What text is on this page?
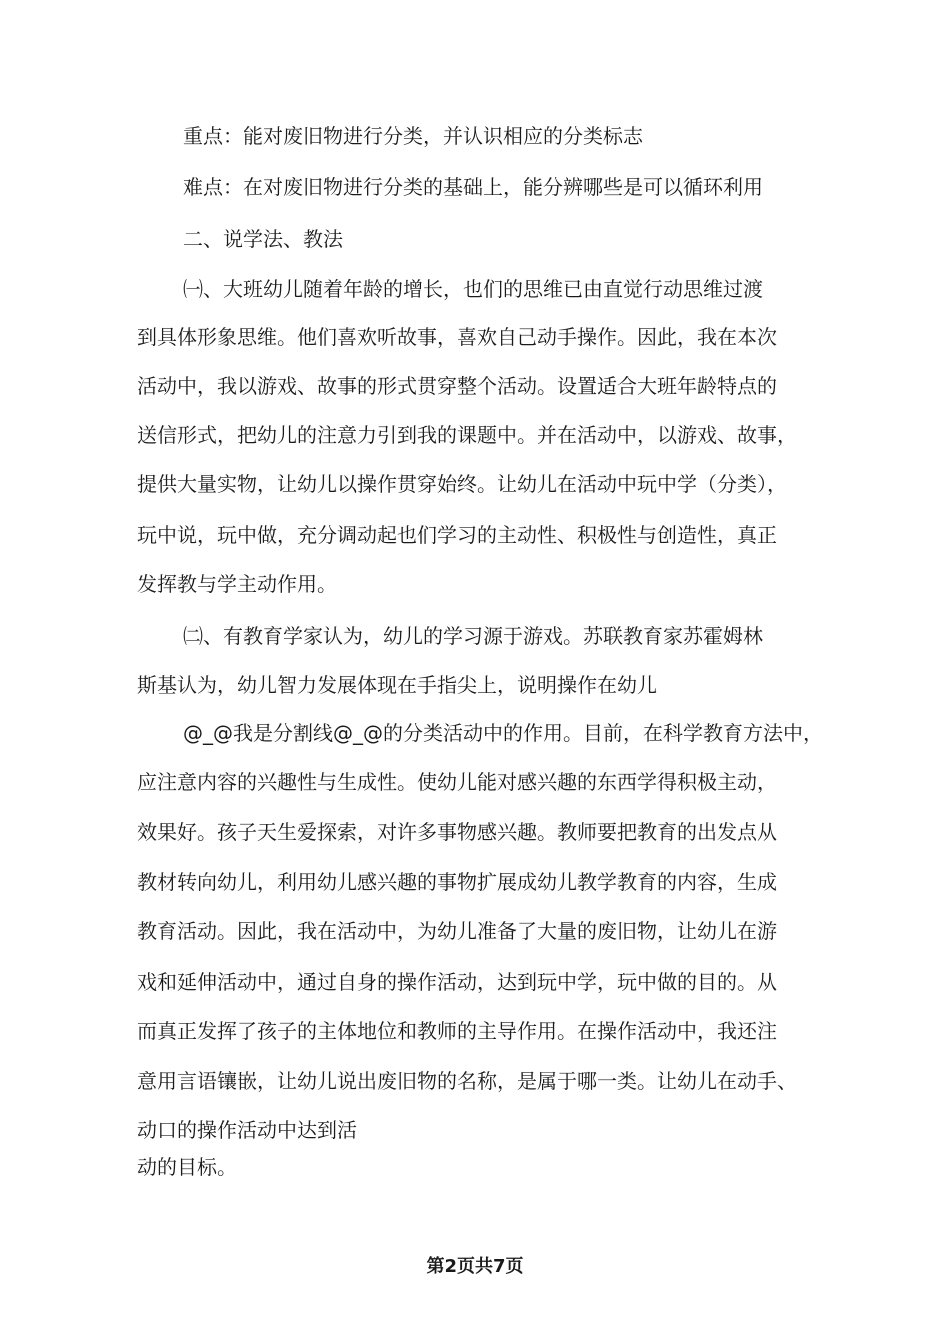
重点：能对废旧物进行分类，并认识相应的分类标志
难点：在对废旧物进行分类的基础上，能分辨哪些是可以循环利用
二、说学法、教法
㈠、大班幼儿随着年龄的增长，也们的思维已由直觉行动思维过渡
到具体形象思维。他们喜欢听故事，喜欢自己动手操作。因此，我在本次
活动中，我以游戏、故事的形式贯穿整个活动。设置适合大班年龄特点的
送信形式，把幼儿的注意力引到我的课题中。并在活动中，以游戏、故事，
提供大量实物，让幼儿以操作贯穿始终。让幼儿在活动中玩中学（分类），
玩中说，玩中做，充分调动起也们学习的主动性、积极性与创造性，真正
发挥教与学主动作用。
㈡、有教育学家认为，幼儿的学习源于游戏。苏联教育家苏霍姆林
斯基认为，幼儿智力发展体现在手指尖上，说明操作在幼儿
@_@我是分割线@_@的分类活动中的作用。目前，在科学教育方法中，
应注意内容的兴趣性与生成性。使幼儿能对感兴趣的东西学得积极主动，
效果好。孩子天生爱探索，对许多事物感兴趣。教师要把教育的出发点从
教材转向幼儿，利用幼儿感兴趣的事物扩展成幼儿教学教育的内容，生成
教育活动。因此，我在活动中，为幼儿准备了大量的废旧物，让幼儿在游
戏和延伸活动中，通过自身的操作活动，达到玩中学，玩中做的目的。从
而真正发挥了孩子的主体地位和教师的主导作用。在操作活动中，我还注
意用言语镶嵌，让幼儿说出废旧物的名称，是属于哪一类。让幼儿在动手、
动口的操作活动中达到活
动的目标。
第2页共7页
